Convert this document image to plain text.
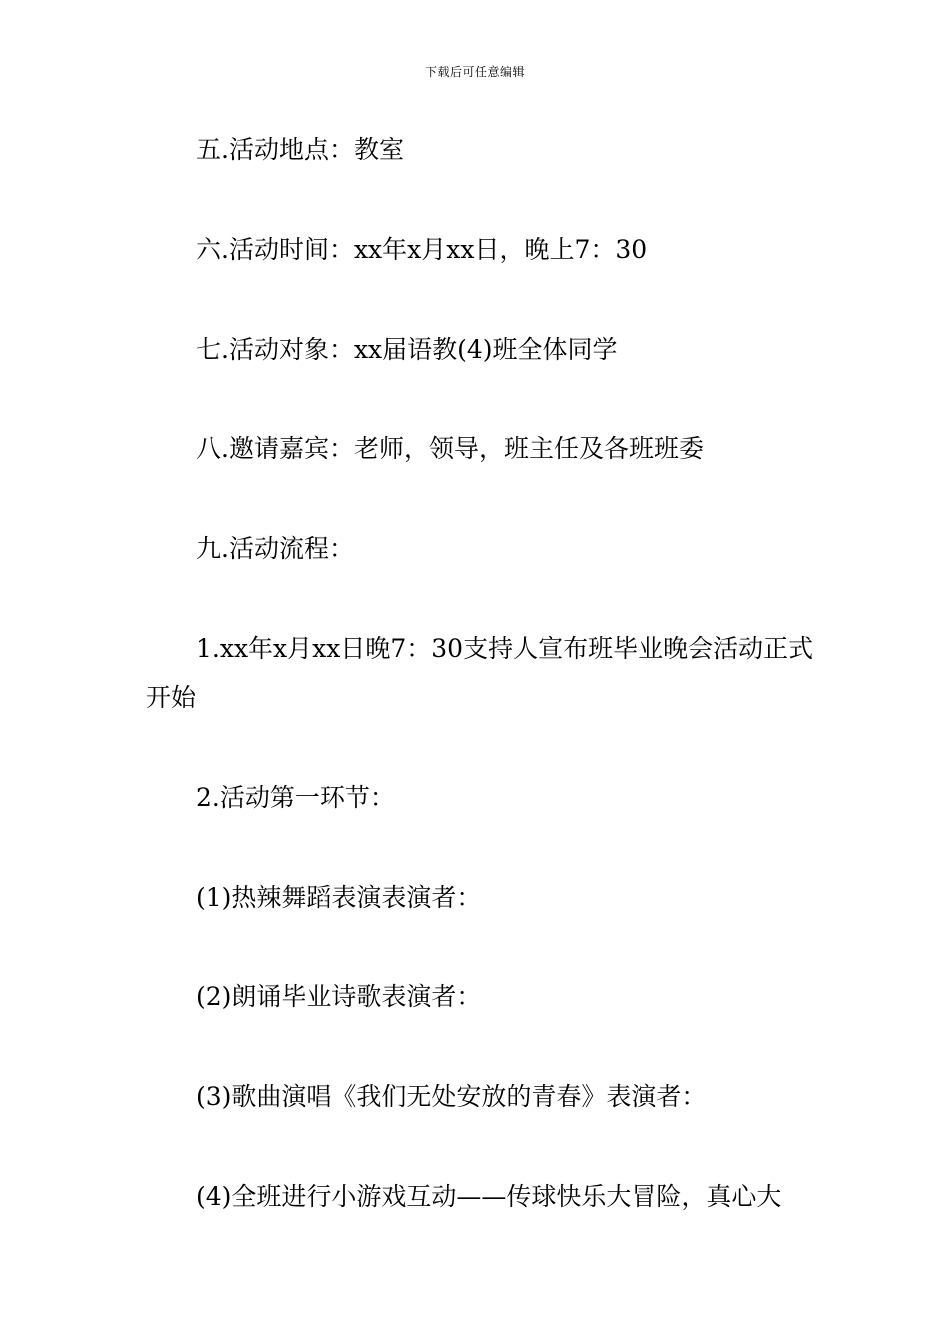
下载后可任意编辑

五.活动地点：教室

六.活动时间：xx年x月xx日，晚上7：30

七.活动对象：xx届语教(4)班全体同学

八.邀请嘉宾：老师，领导，班主任及各班班委

九.活动流程：

1.xx年x月xx日晚7：30支持人宣布班毕业晚会活动正式开始

2.活动第一环节：

(1)热辣舞蹈表演表演者：

(2)朗诵毕业诗歌表演者：

(3)歌曲演唱《我们无处安放的青春》表演者：

(4)全班进行小游戏互动——传球快乐大冒险，真心大
